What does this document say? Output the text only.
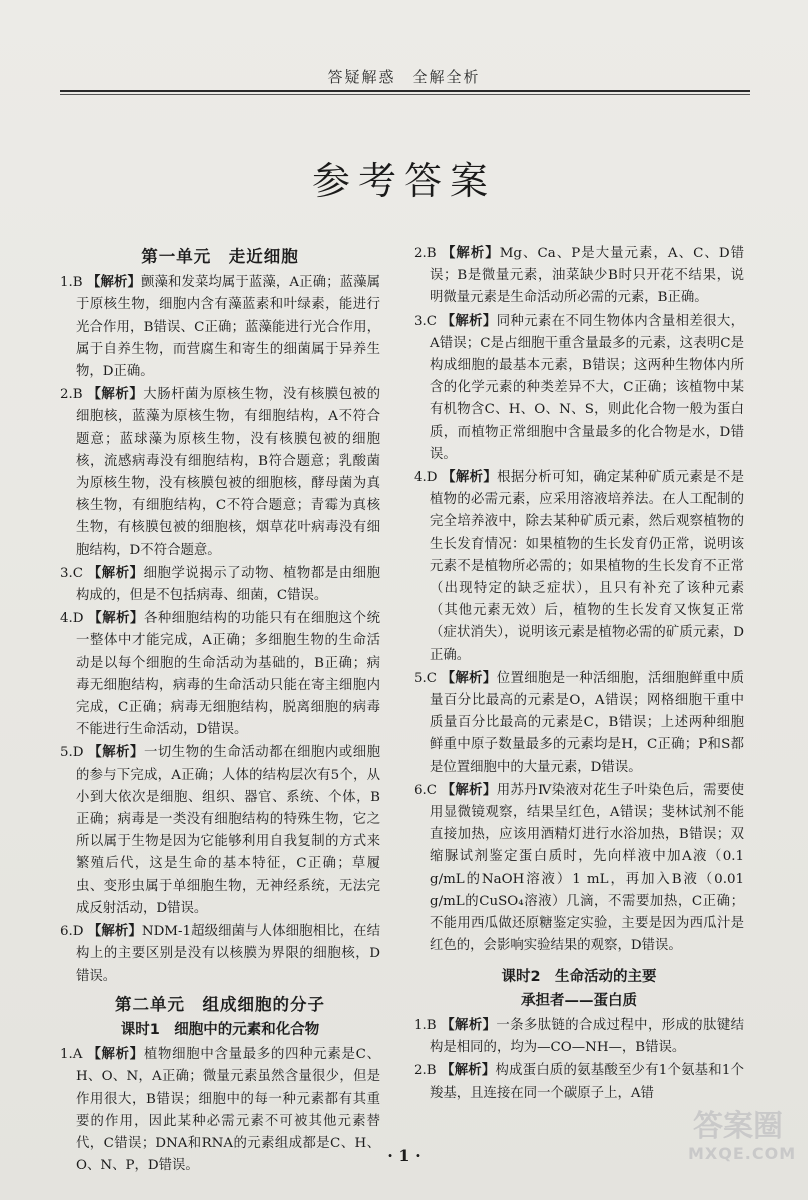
答疑解惑　全解全析
参考答案
第一单元　走近细胞
1.B 【解析】颤藻和发菜均属于蓝藻，A正确；蓝藻属于原核生物，细胞内含有藻蓝素和叶绿素，能进行光合作用，B错误、C正确；蓝藻能进行光合作用，属于自养生物，而营腐生和寄生的细菌属于异养生物，D正确。
2.B 【解析】大肠杆菌为原核生物，没有核膜包被的细胞核，蓝藻为原核生物，有细胞结构，A不符合题意；蓝球藻为原核生物，没有核膜包被的细胞核，流感病毒没有细胞结构，B符合题意；乳酸菌为原核生物，没有核膜包被的细胞核，酵母菌为真核生物，有细胞结构，C不符合题意；青霉为真核生物，有核膜包被的细胞核，烟草花叶病毒没有细胞结构，D不符合题意。
3.C 【解析】细胞学说揭示了动物、植物都是由细胞构成的，但是不包括病毒、细菌，C错误。
4.D 【解析】各种细胞结构的功能只有在细胞这个统一整体中才能完成，A正确；多细胞生物的生命活动是以每个细胞的生命活动为基础的，B正确；病毒无细胞结构，病毒的生命活动只能在寄主细胞内完成，C正确；病毒无细胞结构，脱离细胞的病毒不能进行生命活动，D错误。
5.D 【解析】一切生物的生命活动都在细胞内或细胞的参与下完成，A正确；人体的结构层次有5个，从小到大依次是细胞、组织、器官、系统、个体，B正确；病毒是一类没有细胞结构的特殊生物，它之所以属于生物是因为它能够利用自我复制的方式来繁殖后代，这是生命的基本特征，C正确；草履虫、变形虫属于单细胞生物，无神经系统，无法完成反射活动，D错误。
6.D 【解析】NDM-1超级细菌与人体细胞相比，在结构上的主要区别是没有以核膜为界限的细胞核，D错误。
第二单元　组成细胞的分子
课时1　细胞中的元素和化合物
1.A 【解析】植物细胞中含量最多的四种元素是C、H、O、N，A正确；微量元素虽然含量很少，但是作用很大，B错误；细胞中的每一种元素都有其重要的作用，因此某种必需元素不可被其他元素替代，C错误；DNA和RNA的元素组成都是C、H、O、N、P，D错误。
2.B 【解析】Mg、Ca、P是大量元素，A、C、D错误；B是微量元素，油菜缺少B时只开花不结果，说明微量元素是生命活动所必需的元素，B正确。
3.C 【解析】同种元素在不同生物体内含量相差很大，A错误；C是占细胞干重含量最多的元素，这表明C是构成细胞的最基本元素，B错误；这两种生物体内所含的化学元素的种类差异不大，C正确；该植物中某有机物含C、H、O、N、S，则此化合物一般为蛋白质，而植物正常细胞中含量最多的化合物是水，D错误。
4.D 【解析】根据分析可知，确定某种矿质元素是不是植物的必需元素，应采用溶液培养法。在人工配制的完全培养液中，除去某种矿质元素，然后观察植物的生长发育情况：如果植物的生长发育仍正常，说明该元素不是植物所必需的；如果植物的生长发育不正常（出现特定的缺乏症状），且只有补充了该种元素（其他元素无效）后，植物的生长发育又恢复正常（症状消失），说明该元素是植物必需的矿质元素，D正确。
5.C 【解析】位置细胞是一种活细胞，活细胞鲜重中质量百分比最高的元素是O，A错误；网格细胞干重中质量百分比最高的元素是C，B错误；上述两种细胞鲜重中原子数量最多的元素均是H，C正确；P和S都是位置细胞中的大量元素，D错误。
6.C 【解析】用苏丹Ⅳ染液对花生子叶染色后，需要使用显微镜观察，结果呈红色，A错误；斐林试剂不能直接加热，应该用酒精灯进行水浴加热，B错误；双缩脲试剂鉴定蛋白质时，先向样液中加A液（0.1 g/mL的NaOH溶液）1 mL，再加入B液（0.01 g/mL的CuSO₄溶液）几滴，不需要加热，C正确；不能用西瓜做还原糖鉴定实验，主要是因为西瓜汁是红色的，会影响实验结果的观察，D错误。
课时2　生命活动的主要
承担者——蛋白质
1.B 【解析】一条多肽链的合成过程中，形成的肽键结构是相同的，均为—CO—NH—，B错误。
2.B 【解析】构成蛋白质的氨基酸至少有1个氨基和1个羧基，且连接在同一个碳原子上，A错
· 1 ·
答案圈
MXQE.COM
